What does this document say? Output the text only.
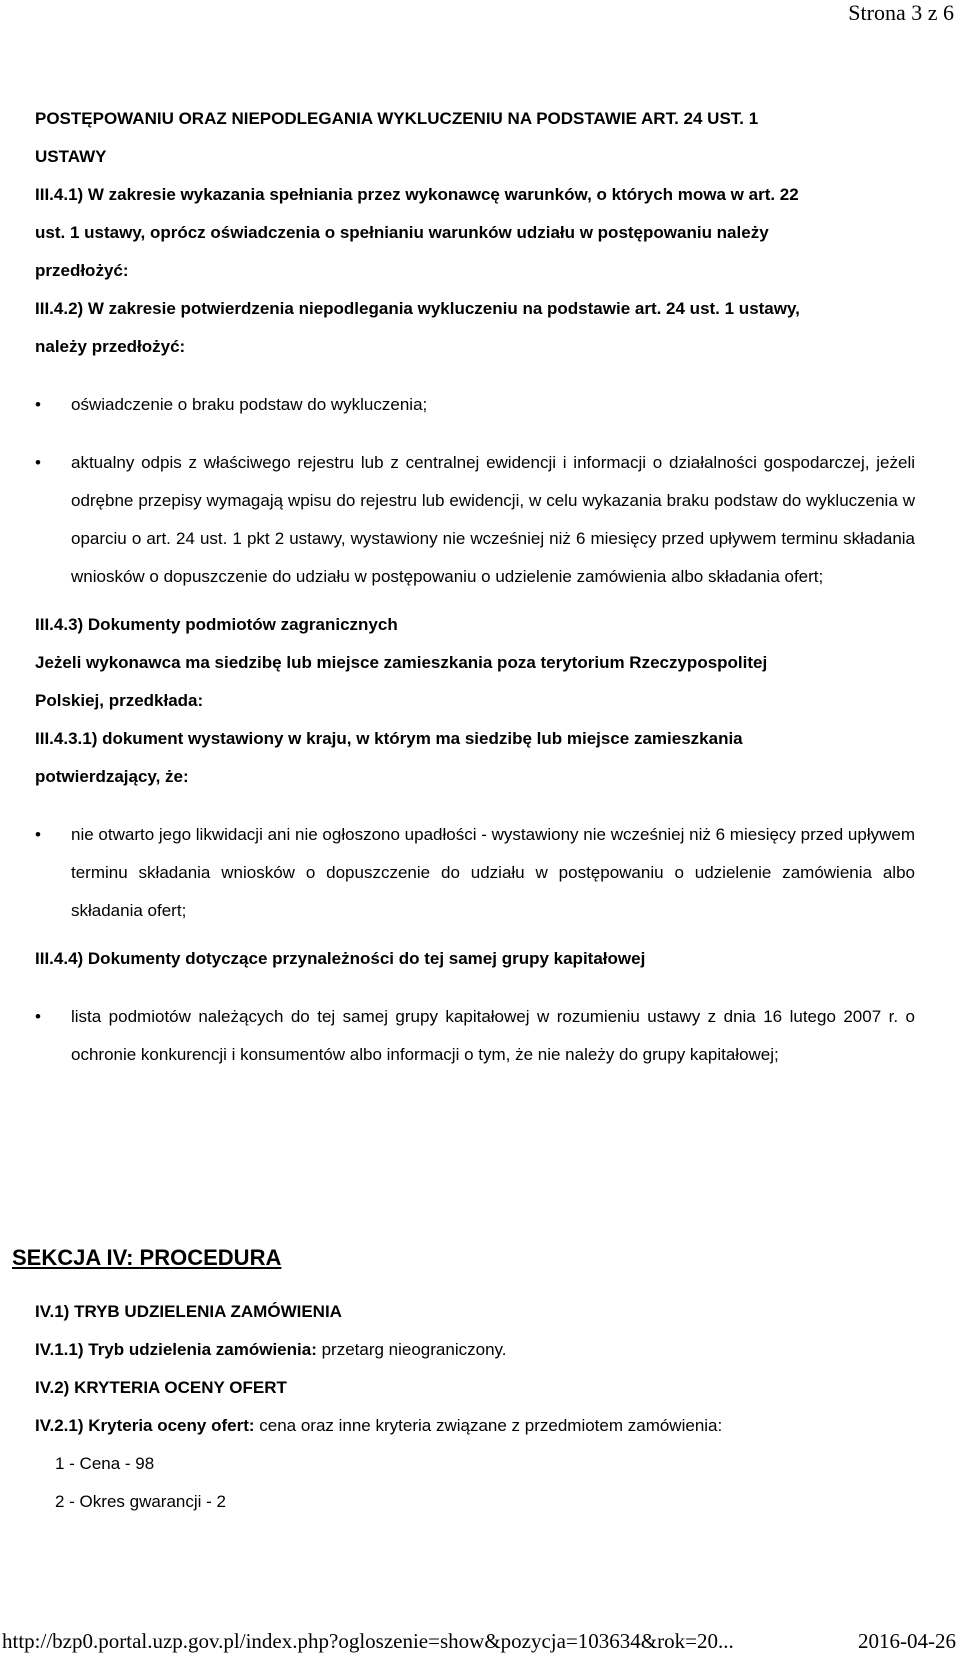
Strona 3 z 6

POSTĘPOWANIU ORAZ NIEPODLEGANIA WYKLUCZENIU NA PODSTAWIE ART. 24 UST. 1

USTAWY

III.4.1) W zakresie wykazania spełniania przez wykonawcę warunków, o których mowa w art. 22

ust. 1 ustawy, oprócz oświadczenia o spełnianiu warunków udziału w postępowaniu należy

przedłożyć:

III.4.2) W zakresie potwierdzenia niepodlegania wykluczeniu na podstawie art. 24 ust. 1 ustawy,

należy przedłożyć:

• oświadczenie o braku podstaw do wykluczenia;
• aktualny odpis z właściwego rejestru lub z centralnej ewidencji i informacji o działalności gospodarczej, jeżeli odrębne przepisy wymagają wpisu do rejestru lub ewidencji, w celu wykazania braku podstaw do wykluczenia w oparciu o art. 24 ust. 1 pkt 2 ustawy, wystawiony nie wcześniej niż 6 miesięcy przed upływem terminu składania wniosków o dopuszczenie do udziału w postępowaniu o udzielenie zamówienia albo składania ofert;

III.4.3) Dokumenty podmiotów zagranicznych

Jeżeli wykonawca ma siedzibę lub miejsce zamieszkania poza terytorium Rzeczypospolitej

Polskiej, przedkłada:

III.4.3.1) dokument wystawiony w kraju, w którym ma siedzibę lub miejsce zamieszkania

potwierdzający, że:

• nie otwarto jego likwidacji ani nie ogłoszono upadłości - wystawiony nie wcześniej niż 6 miesięcy przed upływem terminu składania wniosków o dopuszczenie do udziału w postępowaniu o udzielenie zamówienia albo składania ofert;

III.4.4) Dokumenty dotyczące przynależności do tej samej grupy kapitałowej

• lista podmiotów należących do tej samej grupy kapitałowej w rozumieniu ustawy z dnia 16 lutego 2007 r. o ochronie konkurencji i konsumentów albo informacji o tym, że nie należy do grupy kapitałowej;
SEKCJA IV: PROCEDURA

IV.1) TRYB UDZIELENIA ZAMÓWIENIA

IV.1.1) Tryb udzielenia zamówienia: przetarg nieograniczony.

IV.2) KRYTERIA OCENY OFERT

IV.2.1) Kryteria oceny ofert: cena oraz inne kryteria związane z przedmiotem zamówienia:

1 - Cena - 98

2 - Okres gwarancji - 2

http://bzp0.portal.uzp.gov.pl/index.php?ogloszenie=show&pozycja=103634&rok=20...	2016-04-26
